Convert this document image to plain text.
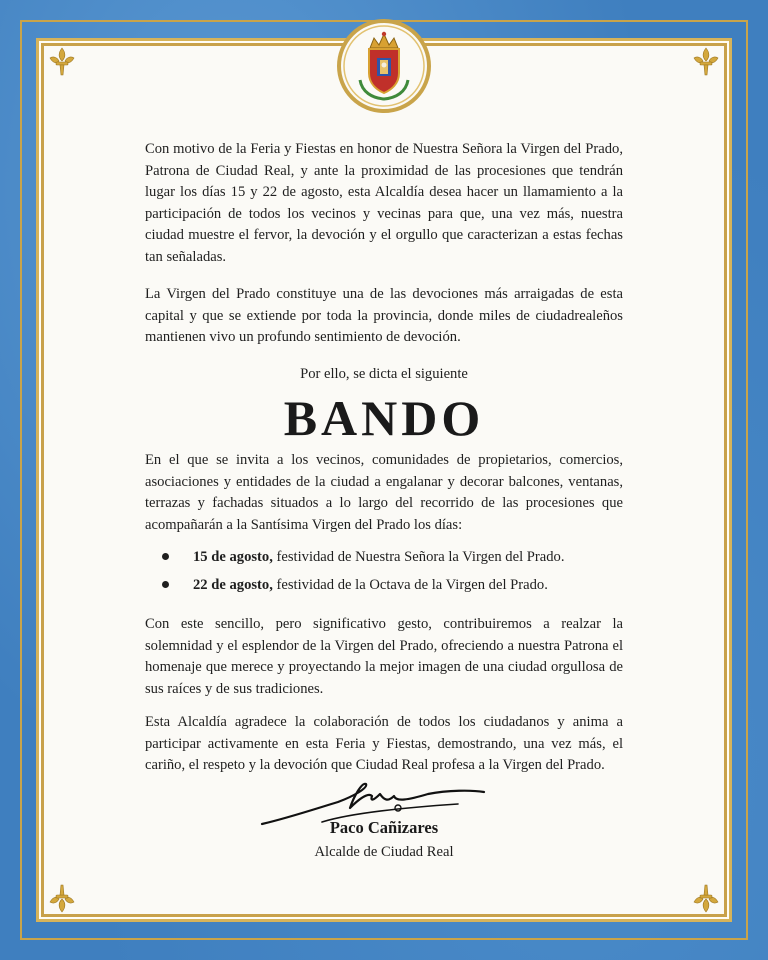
Con motivo de la Feria y Fiestas en honor de Nuestra Señora la Virgen del Prado, Patrona de Ciudad Real, y ante la proximidad de las procesiones que tendrán lugar los días 15 y 22 de agosto, esta Alcaldía desea hacer un llamamiento a la participación de todos los vecinos y vecinas para que, una vez más, nuestra ciudad muestre el fervor, la devoción y el orgullo que caracterizan a estas fechas tan señaladas.
La Virgen del Prado constituye una de las devociones más arraigadas de esta capital y que se extiende por toda la provincia, donde miles de ciudadrealeños mantienen vivo un profundo sentimiento de devoción.
Por ello, se dicta el siguiente
BANDO
En el que se invita a los vecinos, comunidades de propietarios, comercios, asociaciones y entidades de la ciudad a engalanar y decorar balcones, ventanas, terrazas y fachadas situados a lo largo del recorrido de las procesiones que acompañarán a la Santísima Virgen del Prado los días:
15 de agosto, festividad de Nuestra Señora la Virgen del Prado.
22 de agosto, festividad de la Octava de la Virgen del Prado.
Con este sencillo, pero significativo gesto, contribuiremos a realzar la solemnidad y el esplendor de la Virgen del Prado, ofreciendo a nuestra Patrona el homenaje que merece y proyectando la mejor imagen de una ciudad orgullosa de sus raíces y de sus tradiciones.
Esta Alcaldía agradece la colaboración de todos los ciudadanos y anima a participar activamente en esta Feria y Fiestas, demostrando, una vez más, el cariño, el respeto y la devoción que Ciudad Real profesa a la Virgen del Prado.
Paco Cañizares
Alcalde de Ciudad Real
